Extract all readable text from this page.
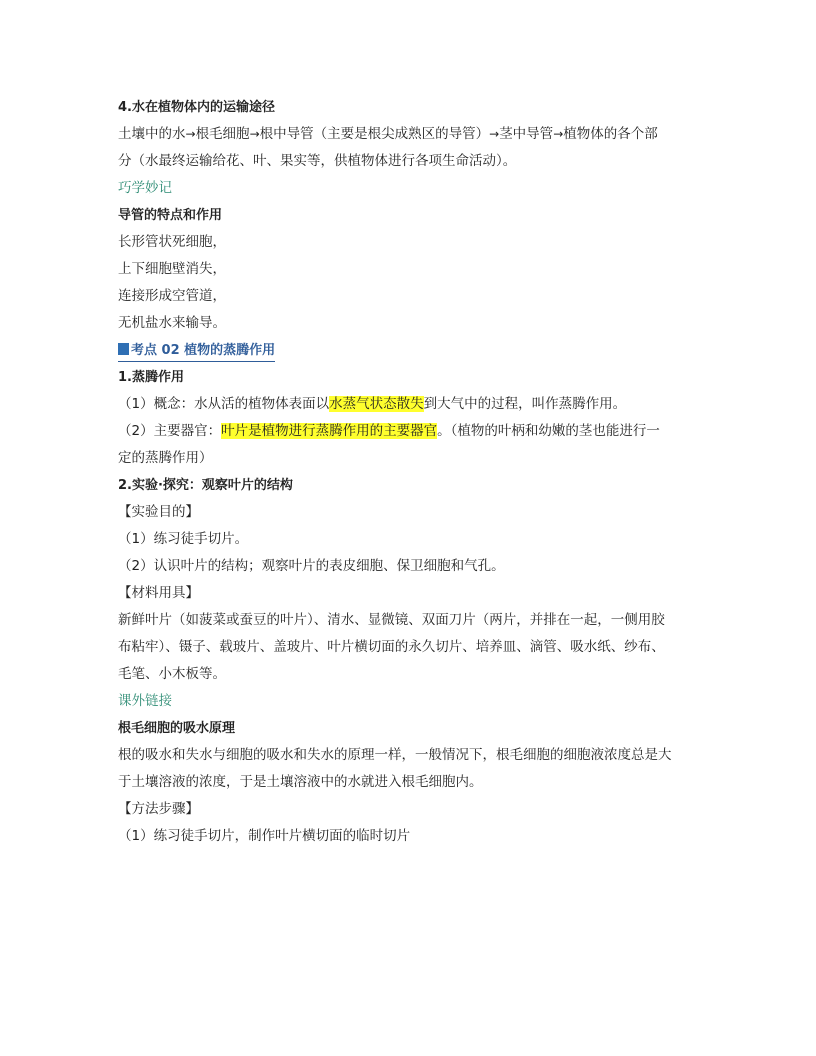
4.水在植物体内的运输途径
土壤中的水→根毛细胞→根中导管（主要是根尖成熟区的导管）→茎中导管→植物体的各个部
分（水最终运输给花、叶、果实等，供植物体进行各项生命活动）。
巧学妙记
导管的特点和作用
长形管状死细胞，
上下细胞壁消失，
连接形成空管道，
无机盐水来输导。
考点 02 植物的蒸腾作用
1.蒸腾作用
（1）概念：水从活的植物体表面以水蒸气状态散失到大气中的过程，叫作蒸腾作用。
（2）主要器官：叶片是植物进行蒸腾作用的主要器官。（植物的叶柄和幼嫩的茎也能进行一
定的蒸腾作用）
2.实验·探究：观察叶片的结构
【实验目的】
（1）练习徒手切片。
（2）认识叶片的结构；观察叶片的表皮细胞、保卫细胞和气孔。
【材料用具】
新鲜叶片（如菠菜或蚕豆的叶片）、清水、显微镜、双面刀片（两片，并排在一起，一侧用胶
布粘牢）、镊子、载玻片、盖玻片、叶片横切面的永久切片、培养皿、滴管、吸水纸、纱布、
毛笔、小木板等。
课外链接
根毛细胞的吸水原理
根的吸水和失水与细胞的吸水和失水的原理一样，一般情况下，根毛细胞的细胞液浓度总是大
于土壤溶液的浓度，于是土壤溶液中的水就进入根毛细胞内。
【方法步骤】
（1）练习徒手切片，制作叶片横切面的临时切片
